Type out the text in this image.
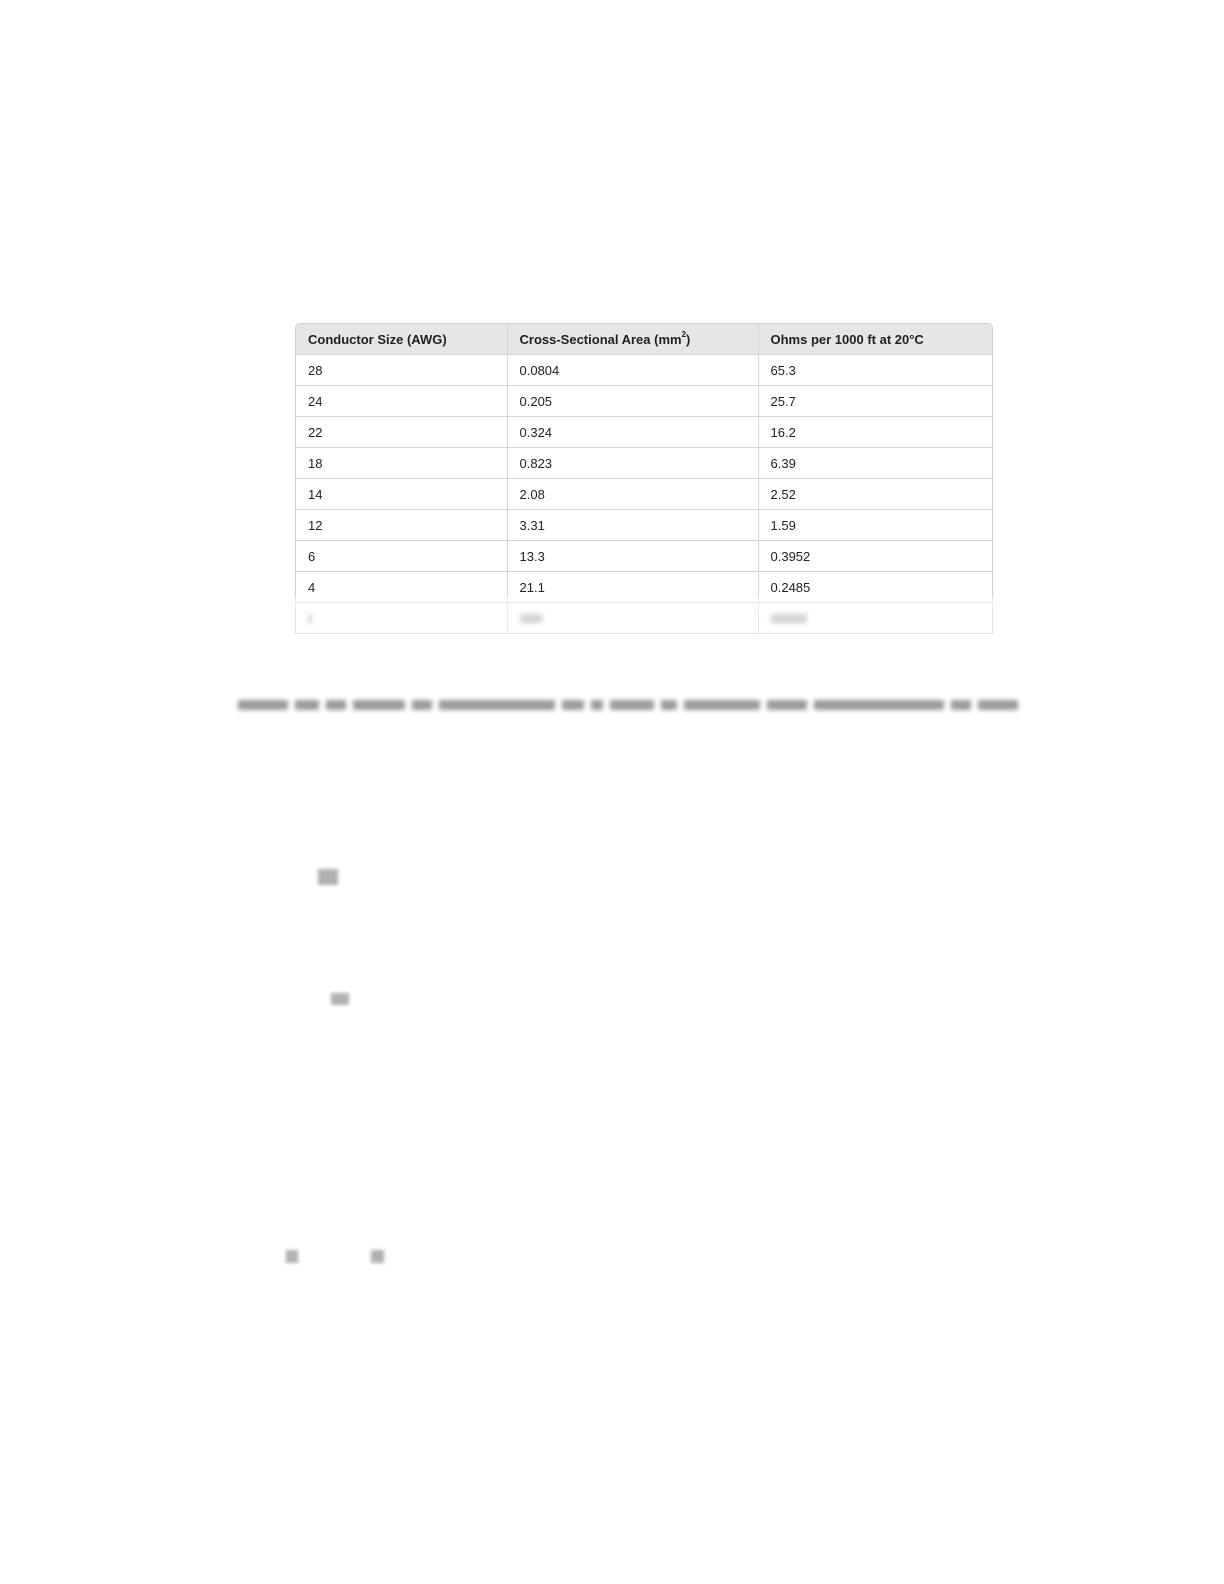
Conductor Size (AWG)	Cross-Sectional Area $(mm^2)$	Ohms per 1000 ft at 20°C
28	0.0804	65.3
24	0.205	25.7
22	0.324	16.2
18	0.823	6.39
14	2.08	2.52
12	3.31	1.59
6	13.3	0.3952
4	21.1	0.2485
